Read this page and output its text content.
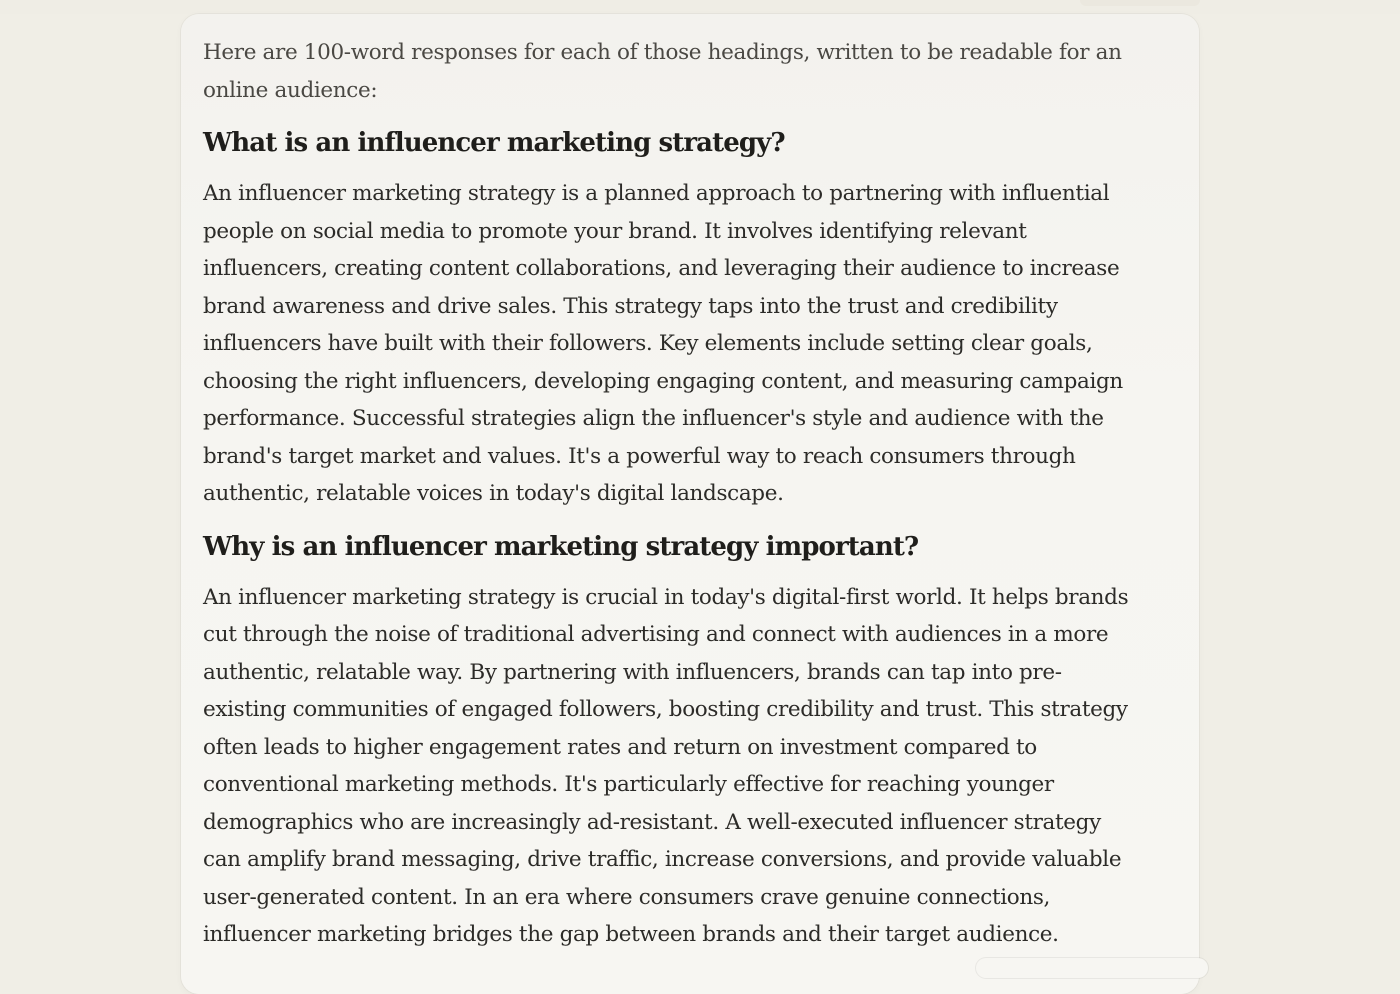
Here are 100-word responses for each of those headings, written to be readable for an online audience:

What is an influencer marketing strategy?

An influencer marketing strategy is a planned approach to partnering with influential people on social media to promote your brand. It involves identifying relevant influencers, creating content collaborations, and leveraging their audience to increase brand awareness and drive sales. This strategy taps into the trust and credibility influencers have built with their followers. Key elements include setting clear goals, choosing the right influencers, developing engaging content, and measuring campaign performance. Successful strategies align the influencer's style and audience with the brand's target market and values. It's a powerful way to reach consumers through authentic, relatable voices in today's digital landscape.

Why is an influencer marketing strategy important?

An influencer marketing strategy is crucial in today's digital-first world. It helps brands cut through the noise of traditional advertising and connect with audiences in a more authentic, relatable way. By partnering with influencers, brands can tap into pre-existing communities of engaged followers, boosting credibility and trust. This strategy often leads to higher engagement rates and return on investment compared to conventional marketing methods. It's particularly effective for reaching younger demographics who are increasingly ad-resistant. A well-executed influencer strategy can amplify brand messaging, drive traffic, increase conversions, and provide valuable user-generated content. In an era where consumers crave genuine connections, influencer marketing bridges the gap between brands and their target audience.
